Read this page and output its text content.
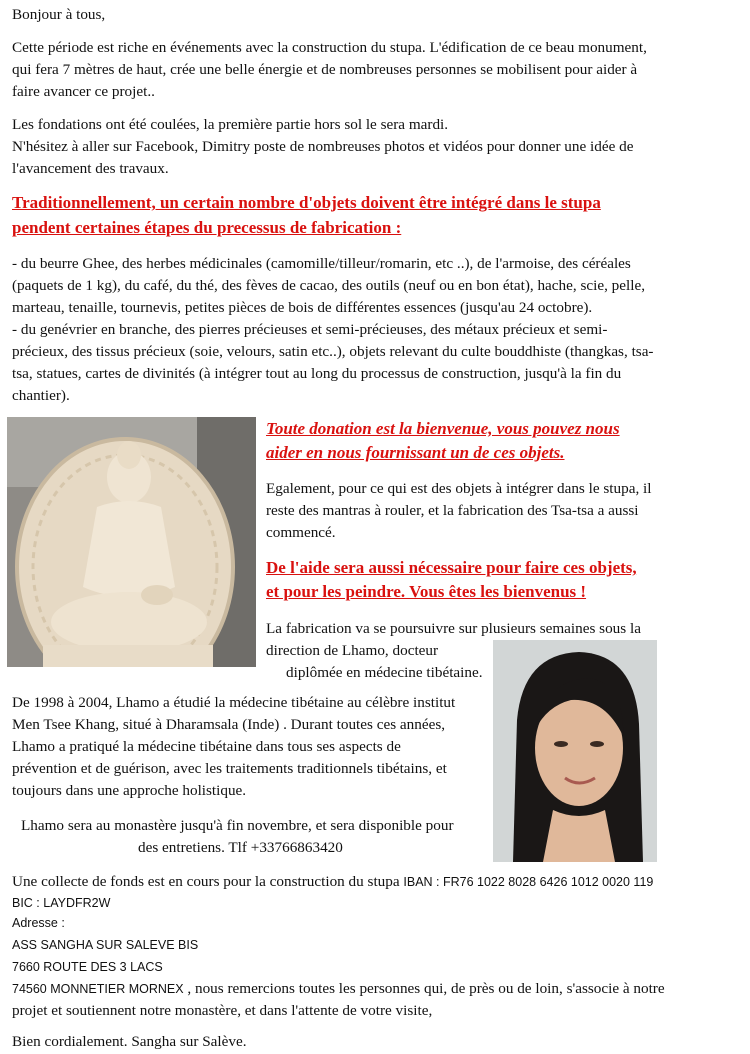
Bonjour à tous,

Cette période est riche en événements avec la construction du stupa. L'édification de ce beau monument,

qui fera 7 mètres de haut, crée une belle énergie et de nombreuses personnes se mobilisent pour aider à

faire avancer ce projet..

Les fondations ont été coulées, la première partie hors sol le sera mardi.

N'hésitez à aller sur Facebook, Dimitry poste de nombreuses photos et vidéos pour donner une idée de

l'avancement des travaux.

Traditionnellement, un certain nombre d'objets doivent être intégré dans le stupa

pendent certaines étapes du precessus de fabrication :

- du beurre Ghee, des herbes médicinales (camomille/tilleur/romarin, etc ..), de l'armoise, des céréales

(paquets de 1 kg), du café, du thé, des fèves de cacao, des outils (neuf ou en bon état), hache, scie, pelle,

marteau, tenaille, tournevis, petites pièces de bois de différentes essences (jusqu'au 24 octobre).

- du genévrier en branche, des pierres précieuses et semi-précieuses, des métaux précieux et semi-

précieux, des tissus précieux (soie, velours, satin etc..), objets relevant du culte bouddhiste (thangkas, tsa-

tsa, statues, cartes de divinités (à intégrer tout au long du processus de construction, jusqu'à la fin du

chantier).

Toute donation est la bienvenue, vous pouvez nous

aider en nous fournissant un de ces objets.

Egalement, pour ce qui est des objets à intégrer dans le stupa, il

reste des mantras à rouler, et la fabrication des Tsa-tsa a aussi

commencé.

De l'aide sera aussi nécessaire pour faire ces objets,

et pour les peindre. Vous êtes les bienvenus !

La fabrication va se poursuivre sur plusieurs semaines sous la

direction de Lhamo, docteur

diplômée en médecine tibétaine.

De 1998 à 2004, Lhamo a étudié la médecine tibétaine au célèbre institut

Men Tsee Khang, situé à Dharamsala (Inde) . Durant toutes ces années,

Lhamo a pratiqué la médecine tibétaine dans tous ses aspects de

prévention et de guérison, avec les traitements traditionnels tibétains, et

toujours dans une approche holistique.

Lhamo sera au monastère jusqu'à fin novembre, et sera disponible pour

des entretiens. Tlf +33766863420

Une collecte de fonds est en cours pour la construction du stupa IBAN : FR76 1022 8028 6426 1012 0020 119

BIC : LAYDFR2W

Adresse :

ASS SANGHA SUR SALEVE BIS

7660 ROUTE DES 3 LACS

74560 MONNETIER MORNEX , nous remercions toutes les personnes qui, de près ou de loin, s'associe à notre

projet et soutiennent notre monastère, et dans l'attente de votre visite,

Bien cordialement. Sangha sur Salève.
